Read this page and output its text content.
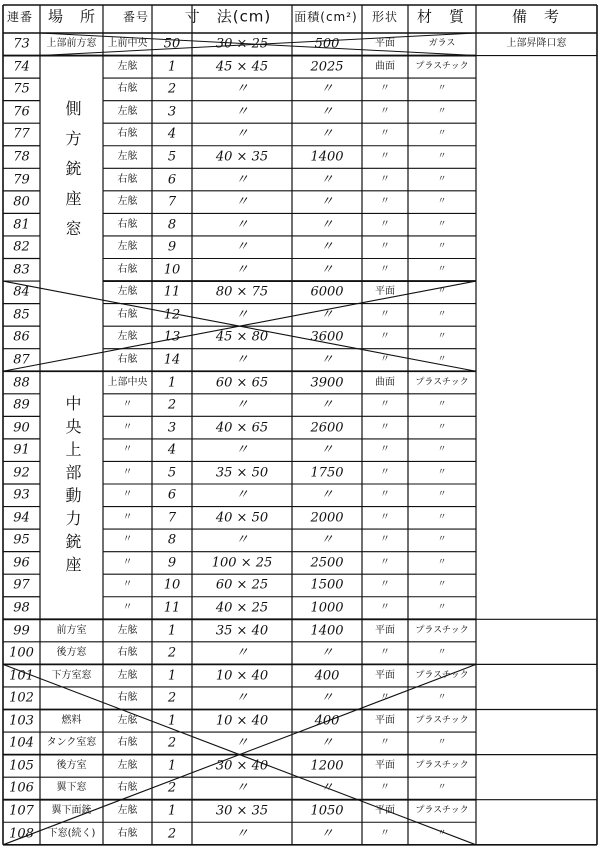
連番 場　所 番号 寸　法(cm) 面積(cm²) 形状 材　質	備　考
側方銃座窓
中央上部動力銃座
73 上部前方窓 上前中央 50	30 × 25	500	平面	ガラス	上部昇降口窓
74	左舷 1	45 × 45	2025	曲面 プラスチック
75	右舷 2	〃	〃	〃	〃
76	左舷 3	〃	〃	〃	〃
77	右舷 4	〃	〃	〃	〃
78	左舷 5	40 × 35	1400	〃	〃
79	右舷 6	〃	〃	〃	〃
80	左舷 7	〃	〃	〃	〃
81	右舷 8	〃	〃	〃	〃
82	左舷 9	〃	〃	〃	〃
83	右舷 10	〃	〃	〃	〃
84	左舷 11	80 × 75	6000	平面	〃
85	右舷 12	〃	〃	〃	〃
86	左舷 13	45 × 80	3600	〃	〃
87	右舷 14	〃	〃	〃	〃
88	上部中央 1	60 × 65	3900	曲面 プラスチック
89	〃	2	〃	〃	〃	〃
90	〃	3	40 × 65	2600	〃	〃
91	〃	4	〃	〃	〃	〃
92	〃	5	35 × 50	1750	〃	〃
93	〃	6	〃	〃	〃	〃
94	〃	7	40 × 50	2000	〃	〃
95	〃	8	〃	〃	〃	〃
96	〃	9	100 × 25	2500	〃	〃
97	〃 10	60 × 25	1500	〃	〃
98	〃 11	40 × 25	1000	〃	〃
99	前方室	左舷 1	35 × 40	1400	平面 プラスチック
100 後方窓	右舷 2	〃	〃	〃	〃
101 下方室窓	左舷 1	10 × 40	400	平面 プラスチック
102	右舷 2	〃	〃	〃	〃
103	燃料	左舷 1	10 × 40	400	平面 プラスチック
104 タンク室窓 右舷 2	〃	〃	〃	〃
105 後方室	左舷 1	30 × 40	1200	平面 プラスチック
106 翼下窓	右舷 2	〃	〃	〃	〃
107 翼下面銃	左舷 1	30 × 35	1050	平面 プラスチック
108 下窓(続く) 右舷 2	〃	〃	〃	〃
